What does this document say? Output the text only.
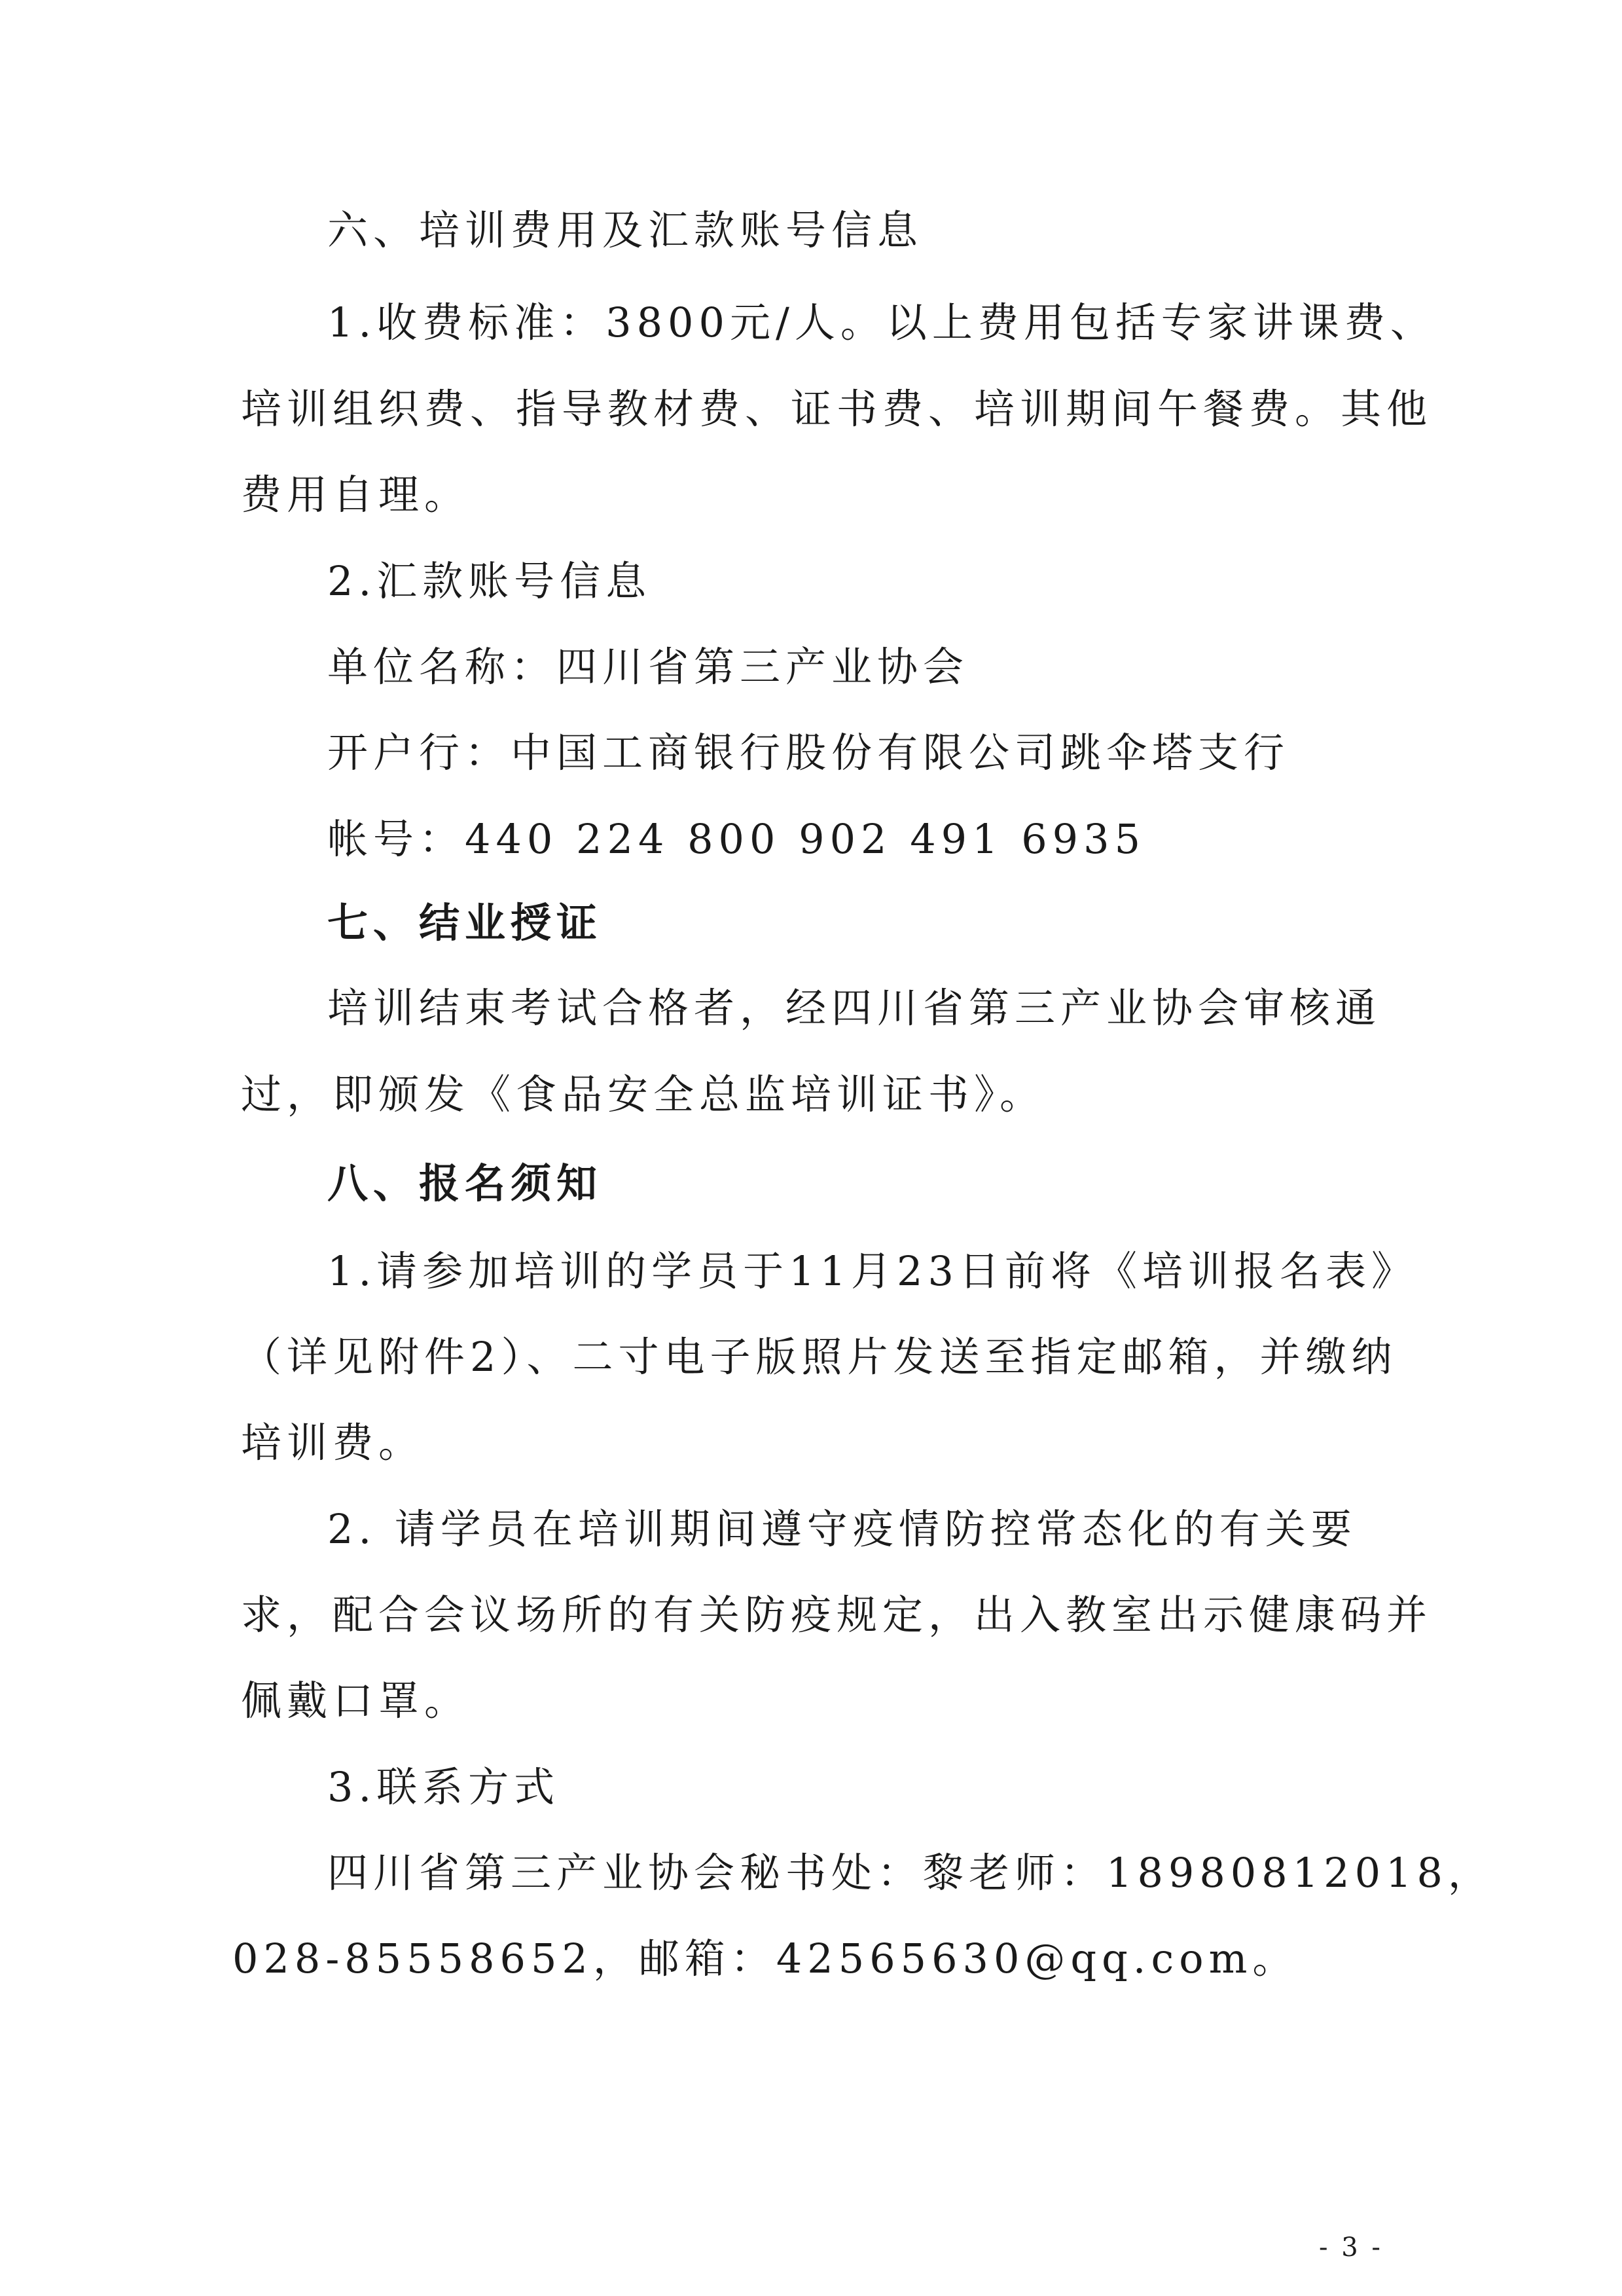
六、培训费用及汇款账号信息
1.收费标准：3800元/人。以上费用包括专家讲课费、
培训组织费、指导教材费、证书费、培训期间午餐费。其他
费用自理。
2.汇款账号信息
单位名称：四川省第三产业协会
开户行：中国工商银行股份有限公司跳伞塔支行
帐号：440 224 800 902 491 6935
七、结业授证
培训结束考试合格者，经四川省第三产业协会审核通
过，即颁发《食品安全总监培训证书》。
八、报名须知
1.请参加培训的学员于11月23日前将《培训报名表》
（详见附件2）、二寸电子版照片发送至指定邮箱，并缴纳
培训费。
2. 请学员在培训期间遵守疫情防控常态化的有关要
求，配合会议场所的有关防疫规定，出入教室出示健康码并
佩戴口罩。
3.联系方式
四川省第三产业协会秘书处：黎老师：18980812018，
028-85558652，邮箱：42565630@qq.com。
- 3 -
